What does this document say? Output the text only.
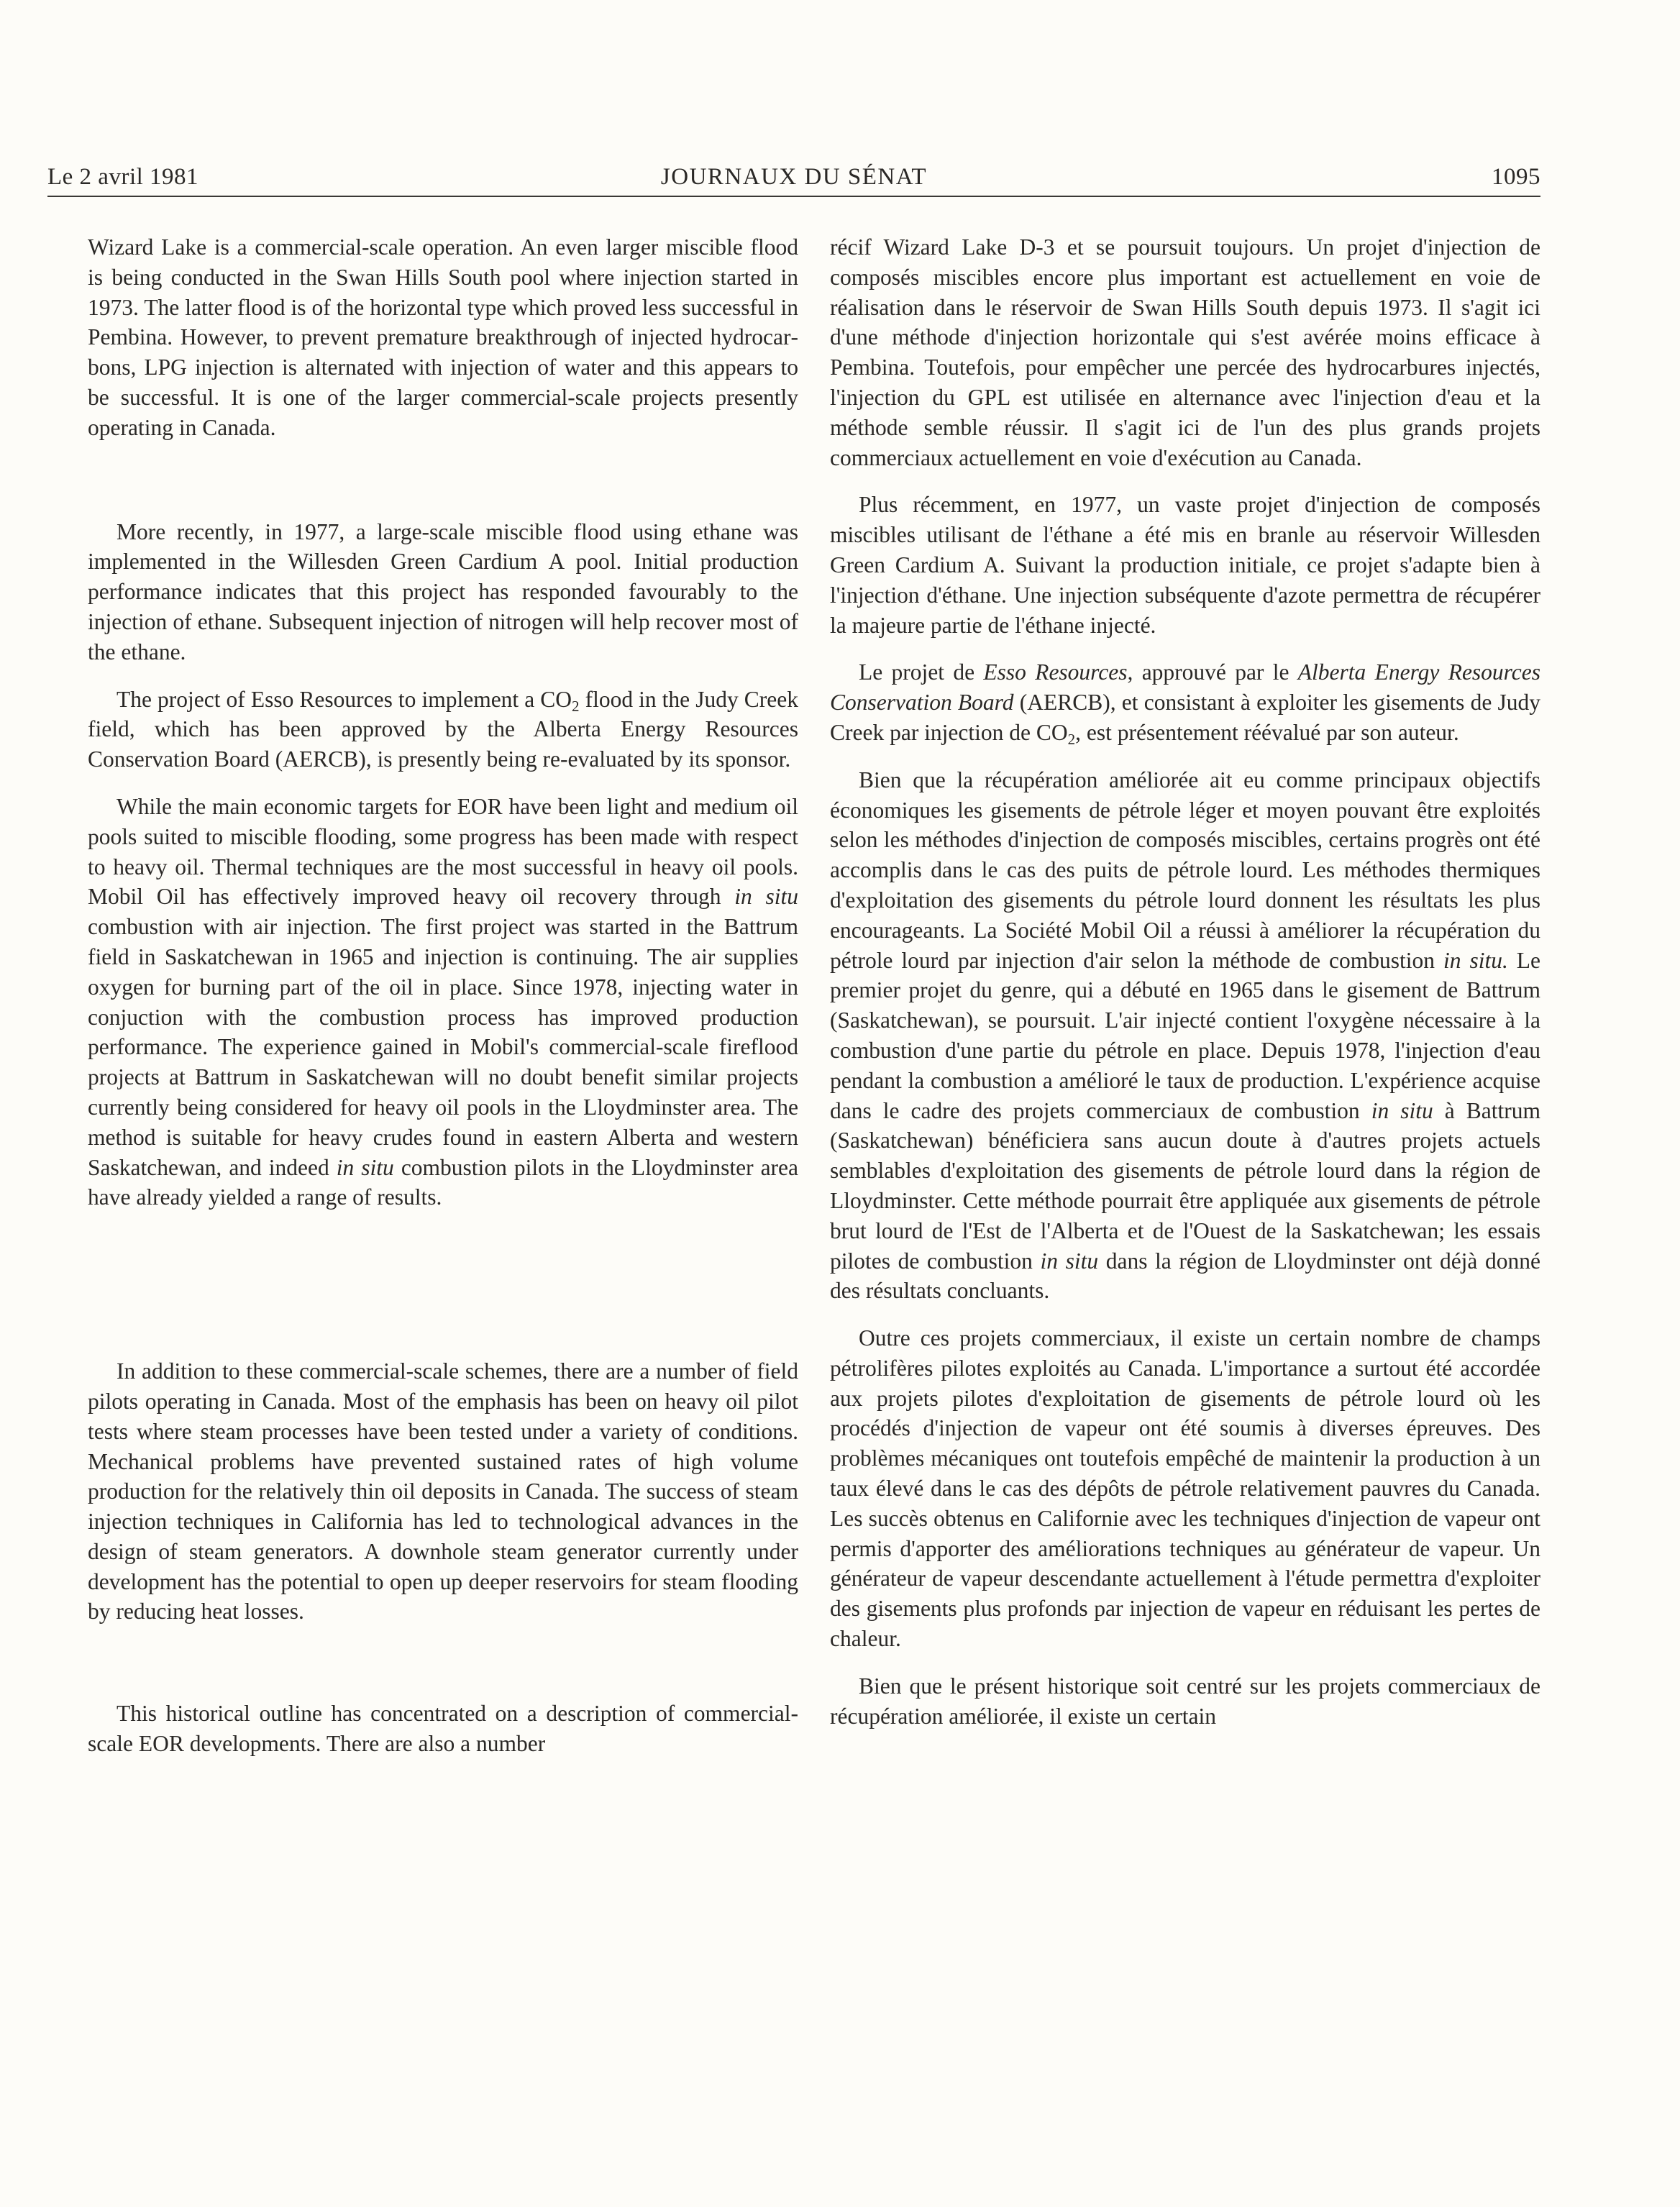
Le 2 avril 1981	JOURNAUX DU SÉNAT	1095

Wizard Lake is a commercial-scale operation. An even larger miscible flood is being conducted in the Swan Hills South pool where injection started in 1973. The latter flood is of the horizontal type which proved less successful in Pembina. However, to prevent premature breakthrough of injected hydrocarbons, LPG injection is alternated with injection of water and this appears to be successful. It is one of the larger commercial-scale projects presently operating in Canada.

More recently, in 1977, a large-scale miscible flood using ethane was implemented in the Willesden Green Cardium A pool. Initial production performance indicates that this project has responded favourably to the injection of ethane. Subsequent injection of nitrogen will help recover most of the ethane.

The project of Esso Resources to implement a $CO_2$ flood in the Judy Creek field, which has been approved by the Alberta Energy Resources Conservation Board (AERCB), is presently being re-evaluated by its sponsor.

While the main economic targets for EOR have been light and medium oil pools suited to miscible flooding, some progress has been made with respect to heavy oil. Thermal techniques are the most successful in heavy oil pools. Mobil Oil has effectively improved heavy oil recovery through in situ combustion with air injection. The first project was started in the Battrum field in Saskatchewan in 1965 and injection is continuing. The air supplies oxygen for burning part of the oil in place. Since 1978, injecting water in conjuction with the combustion process has improved production performance. The experience gained in Mobil's commercial-scale fireflood projects at Battrum in Saskatchewan will no doubt benefit similar projects currently being considered for heavy oil pools in the Lloydminster area. The method is suitable for heavy crudes found in eastern Alberta and western Saskatchewan, and indeed in situ combustion pilots in the Lloydminster area have already yielded a range of results.

In addition to these commercial-scale schemes, there are a number of field pilots operating in Canada. Most of the emphasis has been on heavy oil pilot tests where steam processes have been tested under a variety of conditions. Mechanical problems have prevented sustained rates of high volume production for the relatively thin oil deposits in Canada. The success of steam injection techniques in California has led to technological advances in the design of steam generators. A downhole steam generator currently under development has the potential to open up deeper reservoirs for steam flooding by reducing heat losses.

This historical outline has concentrated on a description of commercial-scale EOR developments. There are also a number

récif Wizard Lake D-3 et se poursuit toujours. Un projet d'injection de composés miscibles encore plus important est actuellement en voie de réalisation dans le réservoir de Swan Hills South depuis 1973. Il s'agit ici d'une méthode d'injection horizontale qui s'est avérée moins efficace à Pembina. Toutefois, pour empêcher une percée des hydrocarbures injectés, l'injection du GPL est utilisée en alternance avec l'injection d'eau et la méthode semble réussir. Il s'agit ici de l'un des plus grands projets commerciaux actuellement en voie d'exécution au Canada.

Plus récemment, en 1977, un vaste projet d'injection de composés miscibles utilisant de l'éthane a été mis en branle au réservoir Willesden Green Cardium A. Suivant la production initiale, ce projet s'adapte bien à l'injection d'éthane. Une injection subséquente d'azote permettra de récupérer la majeure partie de l'éthane injecté.

Le projet de Esso Resources, approuvé par le Alberta Energy Resources Conservation Board (AERCB), et consistant à exploiter les gisements de Judy Creek par injection de $CO_2$, est présentement réévalué par son auteur.

Bien que la récupération améliorée ait eu comme principaux objectifs économiques les gisements de pétrole léger et moyen pouvant être exploités selon les méthodes d'injection de composés miscibles, certains progrès ont été accomplis dans le cas des puits de pétrole lourd. Les méthodes thermiques d'exploitation des gisements du pétrole lourd donnent les résultats les plus encourageants. La Société Mobil Oil a réussi à améliorer la récupération du pétrole lourd par injection d'air selon la méthode de combustion in situ. Le premier projet du genre, qui a débuté en 1965 dans le gisement de Battrum (Saskatchewan), se poursuit. L'air injecté contient l'oxygène nécessaire à la combustion d'une partie du pétrole en place. Depuis 1978, l'injection d'eau pendant la combustion a amélioré le taux de production. L'expérience acquise dans le cadre des projets commerciaux de combustion in situ à Battrum (Saskatchewan) bénéficiera sans aucun doute à d'autres projets actuels semblables d'exploitation des gisements de pétrole lourd dans la région de Lloydminster. Cette méthode pourrait être appliquée aux gisements de pétrole brut lourd de l'Est de l'Alberta et de l'Ouest de la Saskatchewan; les essais pilotes de combustion in situ dans la région de Lloydminster ont déjà donné des résultats concluants.

Outre ces projets commerciaux, il existe un certain nombre de champs pétrolifères pilotes exploités au Canada. L'importance a surtout été accordée aux projets pilotes d'exploitation de gisements de pétrole lourd où les procédés d'injection de vapeur ont été soumis à diverses épreuves. Des problèmes mécaniques ont toutefois empêché de maintenir la production à un taux élevé dans le cas des dépôts de pétrole relativement pauvres du Canada. Les succès obtenus en Californie avec les techniques d'injection de vapeur ont permis d'apporter des améliorations techniques au générateur de vapeur. Un générateur de vapeur descendante actuellement à l'étude permettra d'exploiter des gisements plus profonds par injection de vapeur en réduisant les pertes de chaleur.

Bien que le présent historique soit centré sur les projets commerciaux de récupération améliorée, il existe un certain
